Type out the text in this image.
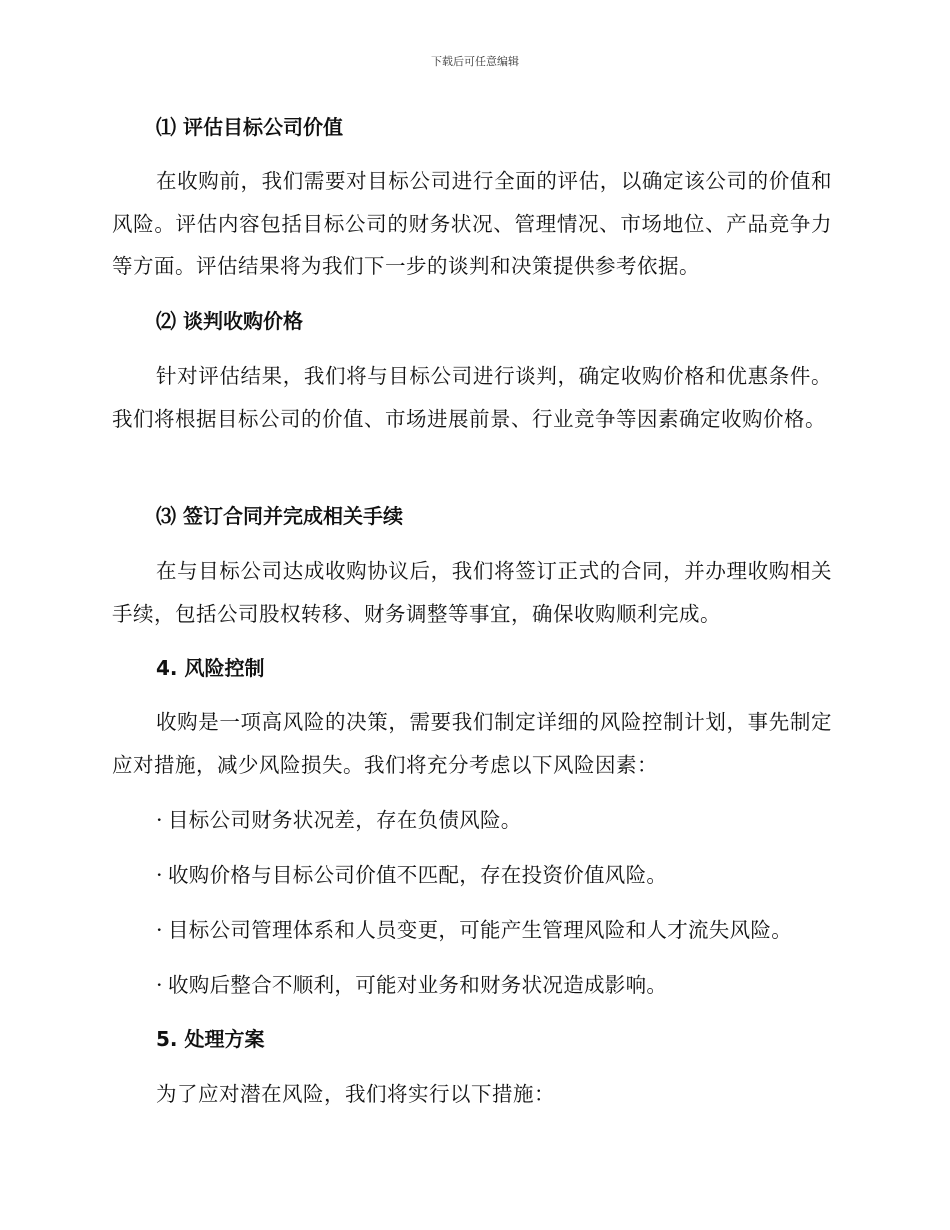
下载后可任意编辑
⑴ 评估目标公司价值
在收购前，我们需要对目标公司进行全面的评估，以确定该公司的价值和风险。评估内容包括目标公司的财务状况、管理情况、市场地位、产品竞争力等方面。评估结果将为我们下一步的谈判和决策提供参考依据。
⑵ 谈判收购价格
针对评估结果，我们将与目标公司进行谈判，确定收购价格和优惠条件。我们将根据目标公司的价值、市场进展前景、行业竞争等因素确定收购价格。
⑶ 签订合同并完成相关手续
在与目标公司达成收购协议后，我们将签订正式的合同，并办理收购相关手续，包括公司股权转移、财务调整等事宜，确保收购顺利完成。
4. 风险控制
收购是一项高风险的决策，需要我们制定详细的风险控制计划，事先制定应对措施，减少风险损失。我们将充分考虑以下风险因素：
· 目标公司财务状况差，存在负债风险。
· 收购价格与目标公司价值不匹配，存在投资价值风险。
· 目标公司管理体系和人员变更，可能产生管理风险和人才流失风险。
· 收购后整合不顺利，可能对业务和财务状况造成影响。
5. 处理方案
为了应对潜在风险，我们将实行以下措施：
